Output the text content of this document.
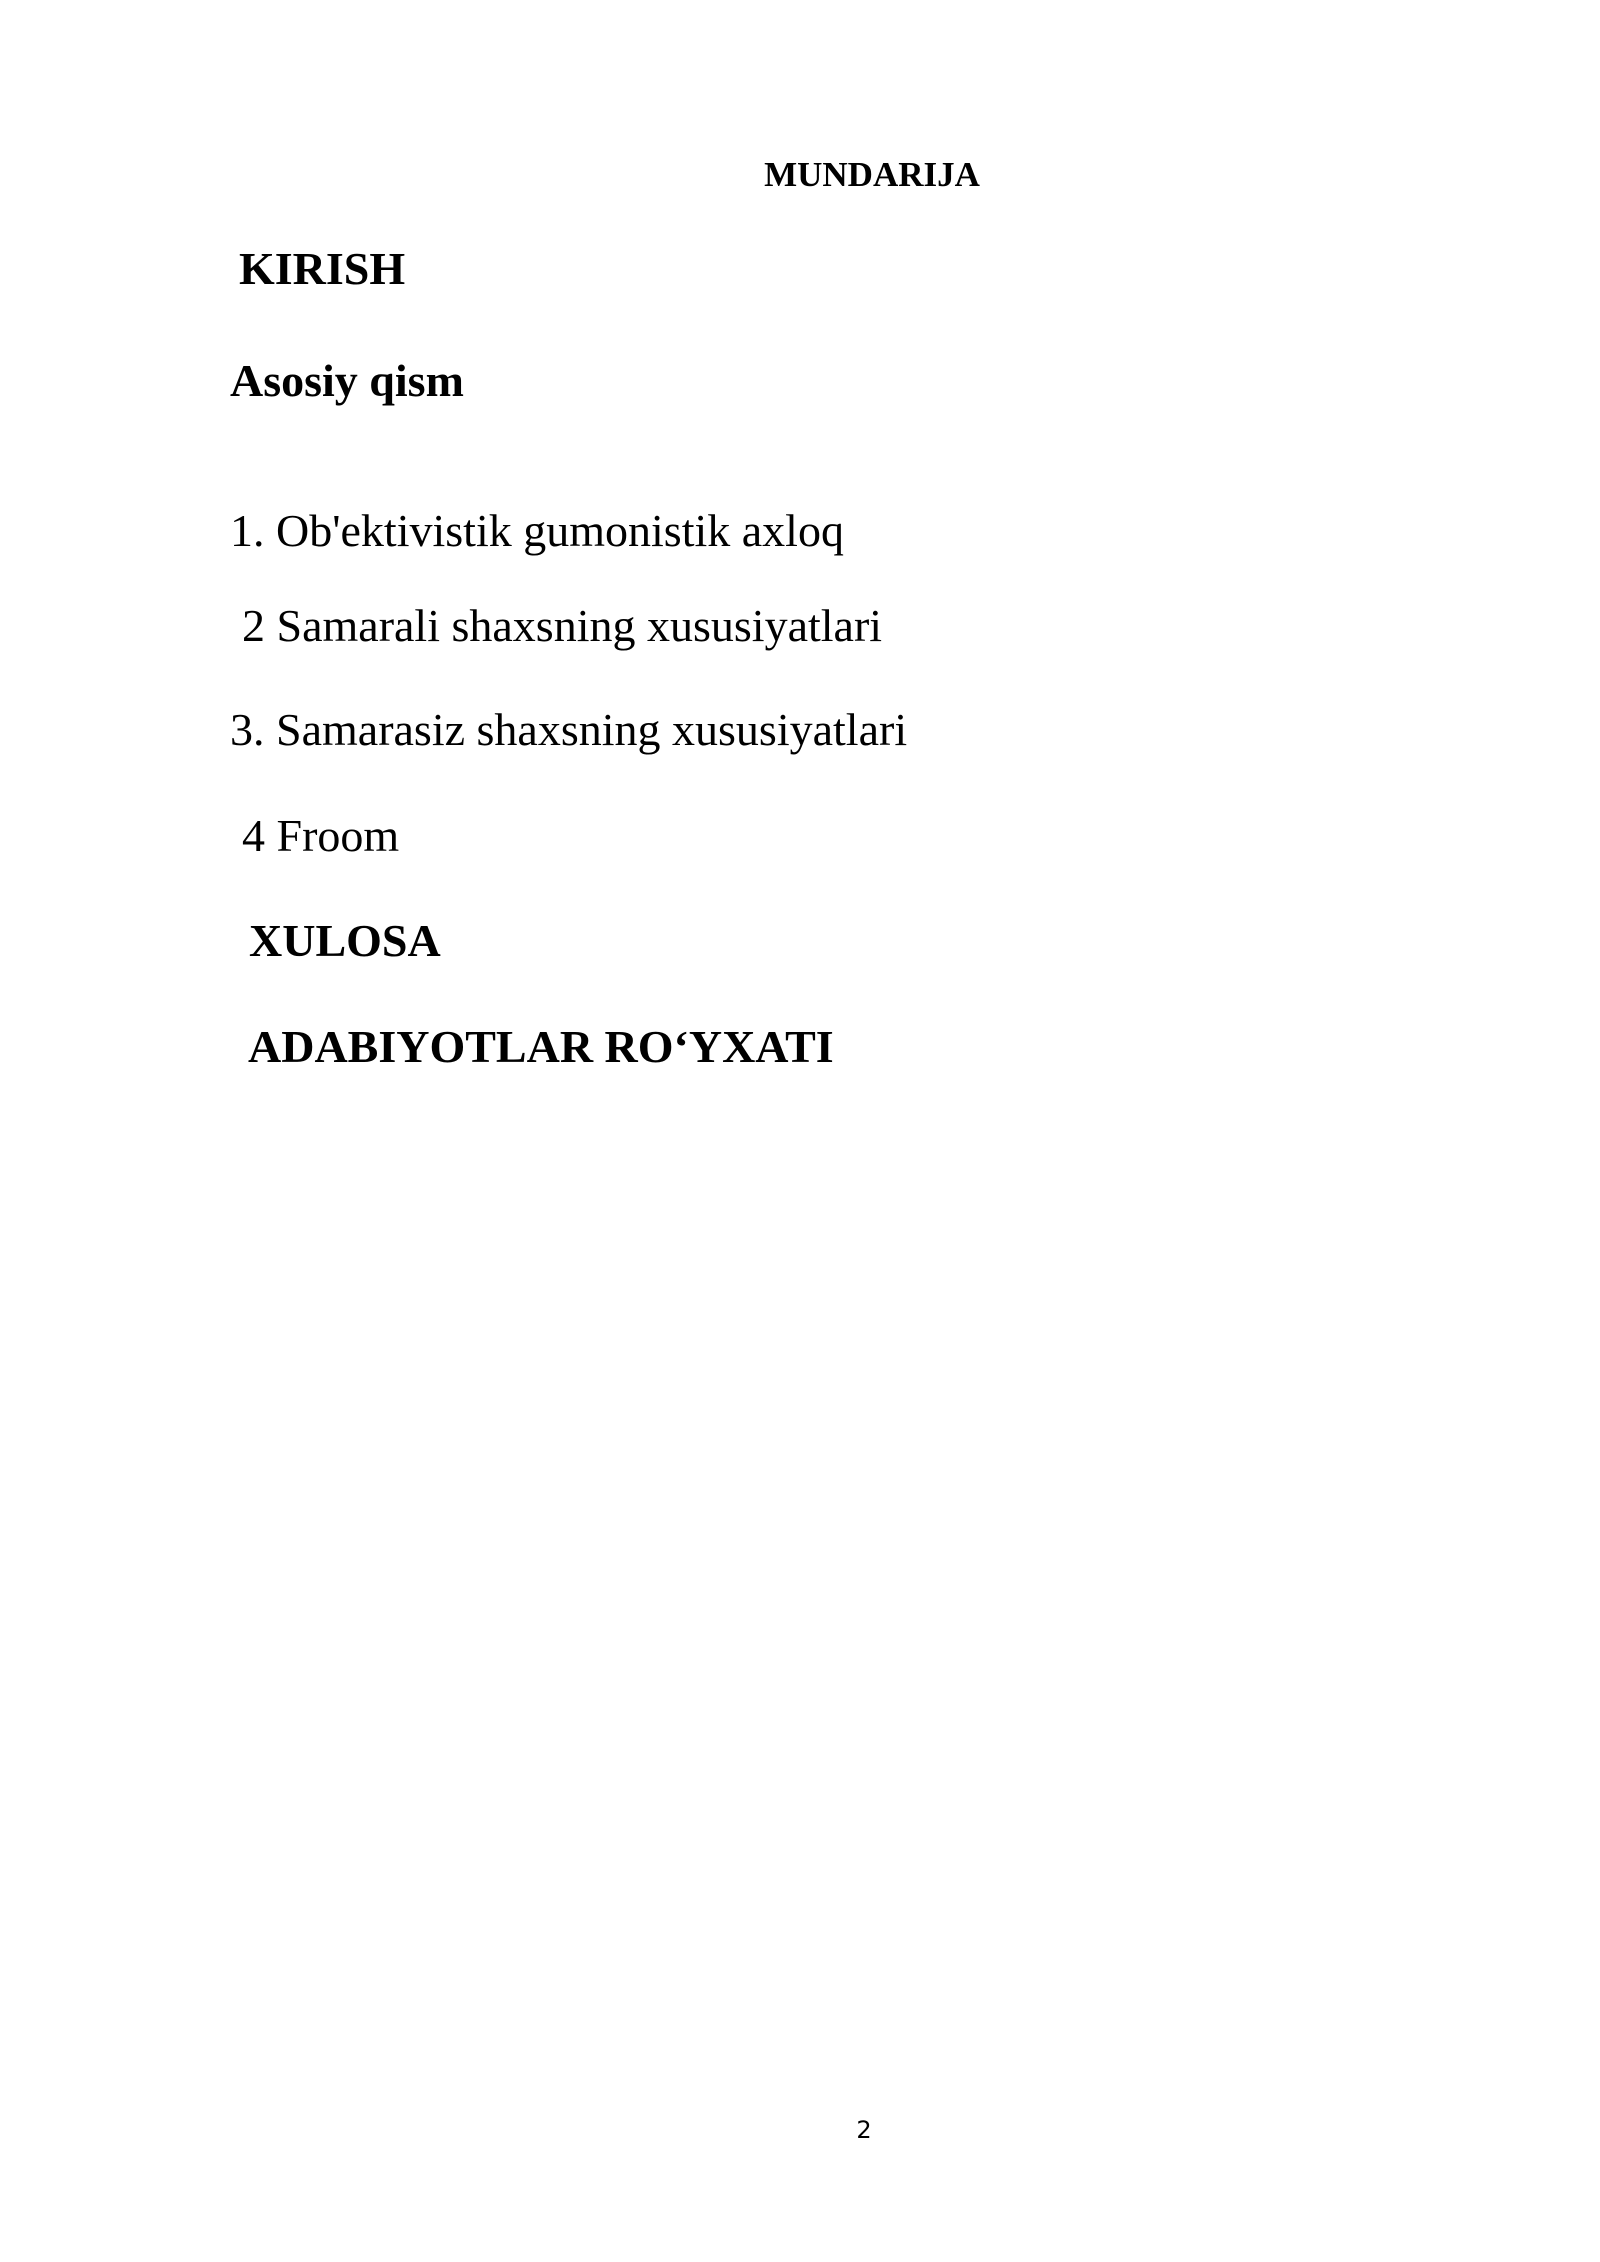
MUNDARIJA
KIRISH
Asosiy qism
1. Ob'ektivistik gumonistik axloq
2 Samarali shaxsning xususiyatlari
3. Samarasiz shaxsning xususiyatlari
4 Froom
XULOSA
ADABIYOTLAR RO‘YXATI
2
